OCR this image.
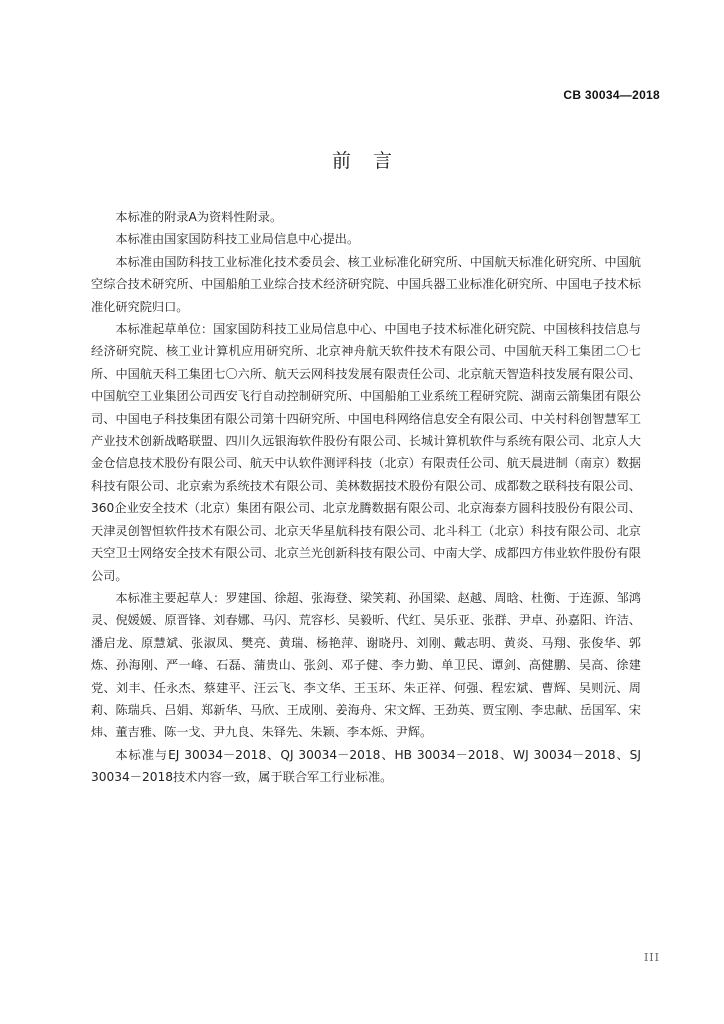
CB 30034—2018
前言

本标准的附录A为资料性附录。

本标准由国家国防科技工业局信息中心提出。

本标准由国防科技工业标准化技术委员会、核工业标准化研究所、中国航天标准化研究所、中国航空综合技术研究所、中国船舶工业综合技术经济研究院、中国兵器工业标准化研究所、中国电子技术标准化研究院归口。

本标准起草单位：国家国防科技工业局信息中心、中国电子技术标准化研究院、中国核科技信息与经济研究院、核工业计算机应用研究所、北京神舟航天软件技术有限公司、中国航天科工集团二〇七所、中国航天科工集团七〇六所、航天云网科技发展有限责任公司、北京航天智造科技发展有限公司、中国航空工业集团公司西安飞行自动控制研究所、中国船舶工业系统工程研究院、湖南云箭集团有限公司、中国电子科技集团有限公司第十四研究所、中国电科网络信息安全有限公司、中关村科创智慧军工产业技术创新战略联盟、四川久远银海软件股份有限公司、长城计算机软件与系统有限公司、北京人大金仓信息技术股份有限公司、航天中认软件测评科技（北京）有限责任公司、航天晨进制（南京）数据科技有限公司、北京索为系统技术有限公司、美林数据技术股份有限公司、成都数之联科技有限公司、360企业安全技术（北京）集团有限公司、北京龙腾数据有限公司、北京海泰方圆科技股份有限公司、天津灵创智恒软件技术有限公司、北京天华星航科技有限公司、北斗科工（北京）科技有限公司、北京天空卫士网络安全技术有限公司、北京兰光创新科技有限公司、中南大学、成都四方伟业软件股份有限公司。

本标准主要起草人：罗建国、徐超、张海登、梁笑莉、孙国梁、赵越、周晗、杜衡、于连源、邹鸿灵、倪媛媛、原晋锋、刘春娜、马闪、荒容杉、吴毅昕、代红、吴乐亚、张群、尹卓、孙嘉阳、许洁、潘启龙、原慧斌、张淑凤、樊亮、黄瑞、杨艳萍、谢晓丹、刘刚、戴志明、黄炎、马翔、张俊华、郭炼、孙海刚、严一峰、石磊、蒲贵山、张剑、邓子健、李力勤、单卫民、谭剑、高健鹏、吴高、徐建党、刘丰、任永杰、蔡建平、汪云飞、李文华、王玉环、朱正祥、何强、程宏斌、曹辉、吴则沅、周莉、陈瑞兵、吕娟、郑新华、马欣、王成刚、姜海舟、宋文辉、王劲英、贾宝刚、李忠献、岳国军、宋炜、董吉雅、陈一戈、尹九良、朱铎先、朱颖、李本烁、尹辉。

本标准与EJ 30034－2018、QJ 30034－2018、HB 30034－2018、WJ 30034－2018、SJ 30034－2018技术内容一致，属于联合军工行业标准。

III
